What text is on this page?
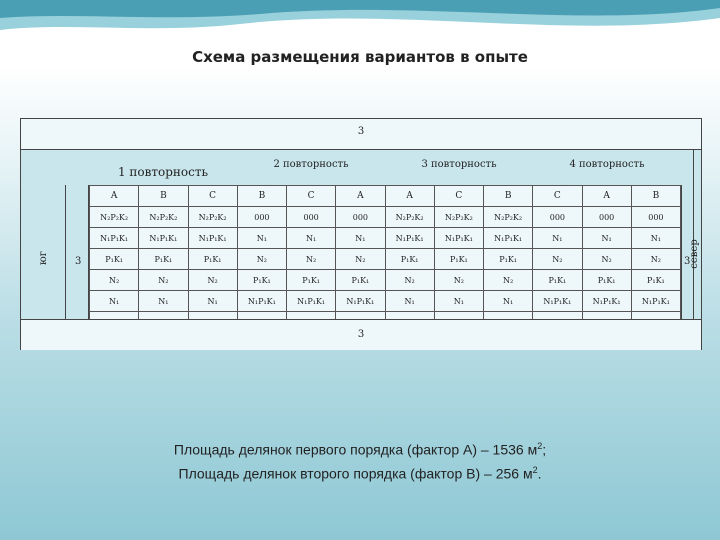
Схема размещения вариантов в опыте
3
юг	3
1 повторность
2 повторность	3 повторность	4 повторность
A	B	C	B	C	A	A	C	B	C	A	B
N₂P₂K₂	N₂P₂K₂	N₂P₂K₂	000	000	000	N₂P₂K₂	N₂P₂K₂	N₂P₂K₂	000	000	000
N₁P₁K₁	N₁P₁K₁	N₁P₁K₁	N₁	N₁	N₁	N₁P₁K₁	N₁P₁K₁	N₁P₁K₁	N₁	N₁	N₁
P₁K₁	P₁K₁	P₁K₁	N₂	N₂	N₂	P₁K₁	P₁K₁	P₁K₁	N₂	N₂	N₂
N₂	N₂	N₂	P₁K₁	P₁K₁	P₁K₁	N₂	N₂	N₂	P₁K₁	P₁K₁	P₁K₁
N₁	N₁	N₁	N₁P₁K₁	N₁P₁K₁	N₁P₁K₁	N₁	N₁	N₁	N₁P₁K₁	N₁P₁K₁	N₁P₁K₁

3
север
3
Площадь делянок первого порядка (фактор А) – 1536 $м^2$;
Площадь делянок второго порядка (фактор В) – 256 $м^2$.
